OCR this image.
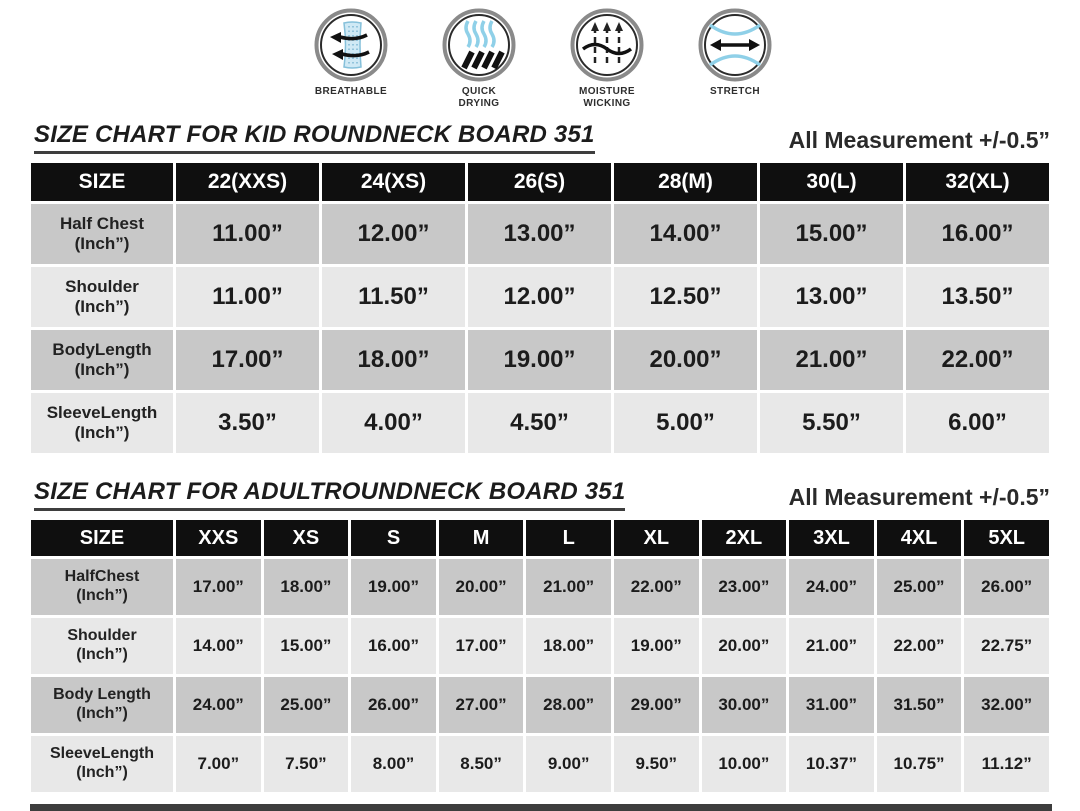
BREATHABLE	QUICK DRYING
MOISTURE WICKING
STRETCH
SIZE CHART FOR KID ROUNDNECK BOARD 351	All Measurement +/-0.5”
SIZE	22(XXS)	24(XS)	26(S)	28(M)	30(L)	32(XL)

Half Chest
(Inch”)	11.00”	12.00”	13.00”	14.00”	15.00”	16.00”

Shoulder
(Inch”)	11.00”	11.50”	12.00”	12.50”	13.00”	13.50”

BodyLength
(Inch”)	17.00”	18.00”	19.00”	20.00”	21.00”	22.00”

SleeveLength
(Inch”)	3.50”	4.00”	4.50”	5.00”	5.50”	6.00”
SIZE CHART FOR ADULTROUNDNECK BOARD 351	All Measurement +/-0.5”
SIZE	XXS	XS	S	M	L	XL	2XL	3XL	4XL	5XL

HalfChest
(Inch”)	17.00”	18.00”	19.00”	20.00”	21.00”	22.00”	23.00”	24.00”	25.00”	26.00”

Shoulder
(Inch”)	14.00”	15.00”	16.00”	17.00”	18.00”	19.00”	20.00”	21.00”	22.00”	22.75”

Body Length
(Inch”)	24.00”	25.00”	26.00”	27.00”	28.00”	29.00”	30.00”	31.00”	31.50”	32.00”

SleeveLength
(Inch”)	7.00”	7.50”	8.00”	8.50”	9.00”	9.50”	10.00”	10.37”	10.75”	11.12”
